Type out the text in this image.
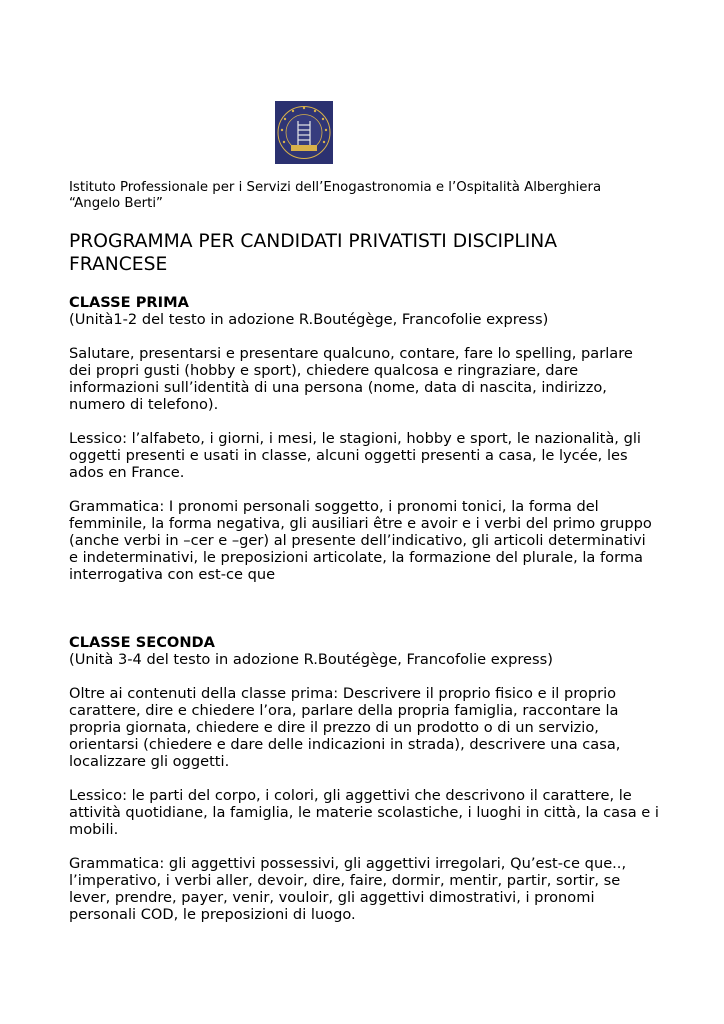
Istituto Professionale per i Servizi dell’Enogastronomia e l’Ospitalità Alberghiera
“Angelo Berti”

PROGRAMMA PER CANDIDATI PRIVATISTI DISCIPLINA FRANCESE

CLASSE PRIMA

(Unità1-2 del testo in adozione R.Boutégège, Francofolie express)

Salutare, presentarsi e presentare qualcuno, contare, fare lo spelling, parlare dei propri gusti (hobby e sport), chiedere qualcosa e ringraziare, dare informazioni sull’identità di una persona (nome, data di nascita, indirizzo, numero di telefono).

Lessico: l’alfabeto, i giorni, i mesi, le stagioni, hobby e sport, le nazionalità, gli oggetti presenti e usati in classe, alcuni oggetti presenti a casa, le lycée, les ados en France.

Grammatica: I pronomi personali soggetto, i pronomi tonici, la forma del femminile, la forma negativa, gli ausiliari être e avoir e i verbi del primo gruppo (anche verbi in –cer e –ger) al presente dell’indicativo, gli articoli determinativi e indeterminativi, le preposizioni articolate, la formazione del plurale, la forma interrogativa con est-ce que

CLASSE SECONDA

(Unità 3-4 del testo in adozione R.Boutégège, Francofolie express)

Oltre ai contenuti della classe prima: Descrivere il proprio fisico e il proprio carattere, dire e chiedere l’ora, parlare della propria famiglia, raccontare la propria giornata, chiedere e dire il prezzo di un prodotto o di un servizio, orientarsi (chiedere e dare delle indicazioni in strada), descrivere una casa, localizzare gli oggetti.

Lessico: le parti del corpo, i colori, gli aggettivi che descrivono il carattere, le attività quotidiane, la famiglia, le materie scolastiche, i luoghi in città, la casa e i mobili.

Grammatica: gli aggettivi possessivi, gli aggettivi irregolari, Qu’est-ce que.., l’imperativo, i verbi aller, devoir, dire, faire, dormir, mentir, partir, sortir, se lever, prendre, payer, venir, vouloir, gli aggettivi dimostrativi, i pronomi personali COD, le preposizioni di luogo.
